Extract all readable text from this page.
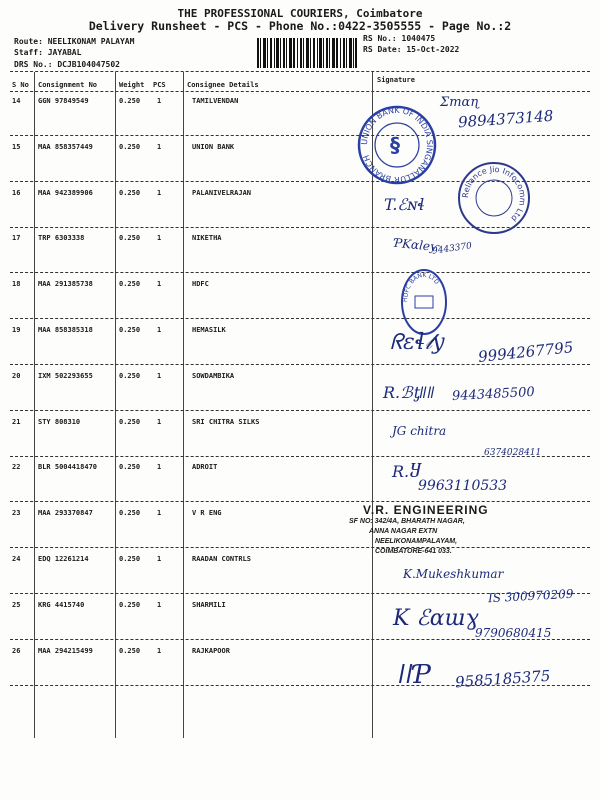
THE PROFESSIONAL COURIERS, Coimbatore
Delivery Runsheet - PCS - Phone No.:0422-3505555 - Page No.:2
Route: NEELIKONAM PALAYAM
Staff: JAYABAL
DRS No.: DCJB104047502
RS No.: 1040475
RS Date: 15-Oct-2022
S No Consignment No	Weight PCS	Consignee Details
Signature
14	GGN 97849549	0.250 1	TAMILVENDAN
15	MAA 858357449	0.250 1	UNION BANK
16	MAA 942389906	0.250 1	PALANIVELRAJAN
17	TRP 6303338	0.250 1	NIKETHA
18	MAA 291385738	0.250 1	HDFC
19	MAA 858385318	0.250 1	HEMASILK
20	IXM 502293655	0.250 1	SOWDAMBIKA
21	STY 808310	0.250 1	SRI CHITRA SILKS
22	BLR 5004418470	0.250 1	ADROIT
23	MAA 293370847	0.250 1	V R ENG
24	EDQ 12261214	0.250 1	RAADAN CONTRLS
25	KRG 4415740	0.250 1	SHARMILI
26	MAA 294215499	0.250 1	RAJKAPOOR
UNION BANK OF INDIA SINGANALLUR BRANCH
§
Reliance Jio Infocomm Ltd
HDFC BANK LTD
Ʃmɑɳ
9894373148
T.ℰɴɬ
ƤKɑleƴ
9443370
ᖇɛɬ𝓁y 9994267795
R.ℬƫǁǁ 9443485500
JG chitra
6374028411
R.Ⴘ
9963110533
V.R. ENGINEERING
SF NO: 342/4A, BHARATH NAGAR,
ANNA NAGAR EXTN
NEELIKONAMPALAYAM,
COIMBATORE-641 033.
K.Mukeshkumar
IS 300970209
K ℰɑɯɣ
9790680415
ǀǀƤ 9585185375
